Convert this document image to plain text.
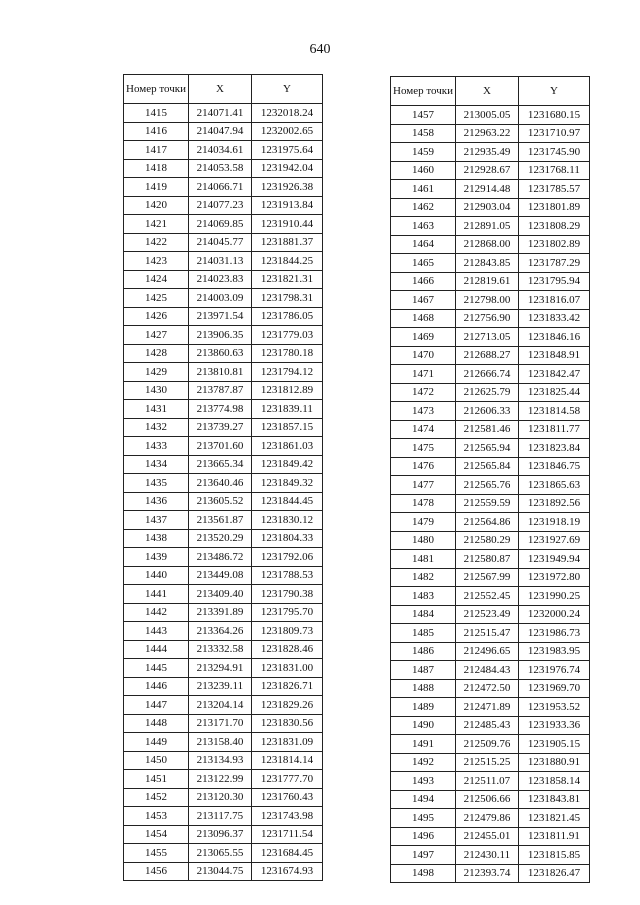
640
Номер точки	X	Y
1415	214071.41	1232018.24
1416	214047.94	1232002.65
1417	214034.61	1231975.64
1418	214053.58	1231942.04
1419	214066.71	1231926.38
1420	214077.23	1231913.84
1421	214069.85	1231910.44
1422	214045.77	1231881.37
1423	214031.13	1231844.25
1424	214023.83	1231821.31
1425	214003.09	1231798.31
1426	213971.54	1231786.05
1427	213906.35	1231779.03
1428	213860.63	1231780.18
1429	213810.81	1231794.12
1430	213787.87	1231812.89
1431	213774.98	1231839.11
1432	213739.27	1231857.15
1433	213701.60	1231861.03
1434	213665.34	1231849.42
1435	213640.46	1231849.32
1436	213605.52	1231844.45
1437	213561.87	1231830.12
1438	213520.29	1231804.33
1439	213486.72	1231792.06
1440	213449.08	1231788.53
1441	213409.40	1231790.38
1442	213391.89	1231795.70
1443	213364.26	1231809.73
1444	213332.58	1231828.46
1445	213294.91	1231831.00
1446	213239.11	1231826.71
1447	213204.14	1231829.26
1448	213171.70	1231830.56
1449	213158.40	1231831.09
1450	213134.93	1231814.14
1451	213122.99	1231777.70
1452	213120.30	1231760.43
1453	213117.75	1231743.98
1454	213096.37	1231711.54
1455	213065.55	1231684.45
1456	213044.75	1231674.93
Номер точки	X	Y
1457	213005.05	1231680.15
1458	212963.22	1231710.97
1459	212935.49	1231745.90
1460	212928.67	1231768.11
1461	212914.48	1231785.57
1462	212903.04	1231801.89
1463	212891.05	1231808.29
1464	212868.00	1231802.89
1465	212843.85	1231787.29
1466	212819.61	1231795.94
1467	212798.00	1231816.07
1468	212756.90	1231833.42
1469	212713.05	1231846.16
1470	212688.27	1231848.91
1471	212666.74	1231842.47
1472	212625.79	1231825.44
1473	212606.33	1231814.58
1474	212581.46	1231811.77
1475	212565.94	1231823.84
1476	212565.84	1231846.75
1477	212565.76	1231865.63
1478	212559.59	1231892.56
1479	212564.86	1231918.19
1480	212580.29	1231927.69
1481	212580.87	1231949.94
1482	212567.99	1231972.80
1483	212552.45	1231990.25
1484	212523.49	1232000.24
1485	212515.47	1231986.73
1486	212496.65	1231983.95
1487	212484.43	1231976.74
1488	212472.50	1231969.70
1489	212471.89	1231953.52
1490	212485.43	1231933.36
1491	212509.76	1231905.15
1492	212515.25	1231880.91
1493	212511.07	1231858.14
1494	212506.66	1231843.81
1495	212479.86	1231821.45
1496	212455.01	1231811.91
1497	212430.11	1231815.85
1498	212393.74	1231826.47
